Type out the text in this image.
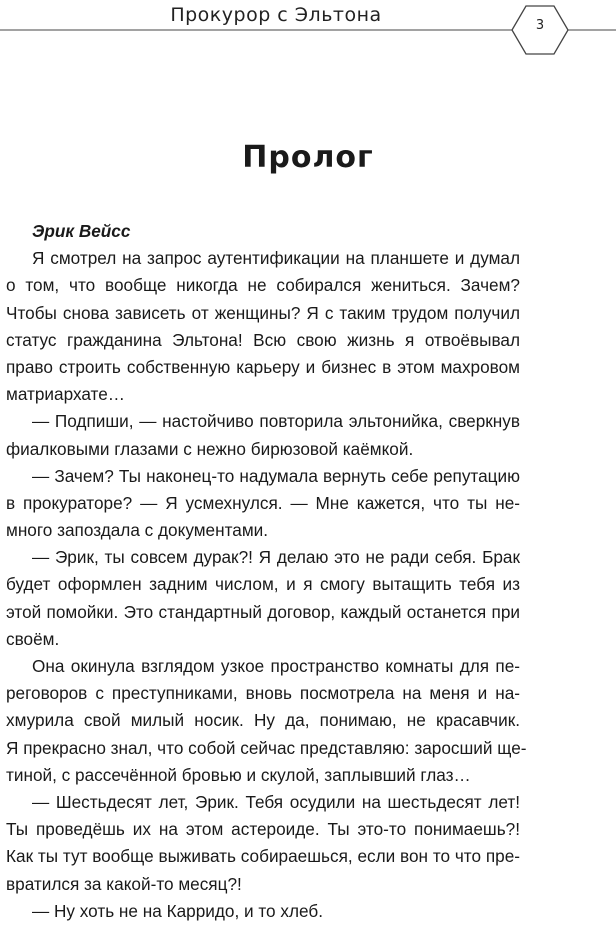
Прокурор с Эльтона	3
Пролог
Эрик Вейсс
Я смотрел на запрос аутентификации на планшете и думал
о том, что вообще никогда не собирался жениться. Зачем?
Чтобы снова зависеть от женщины? Я с таким трудом получил
статус гражданина Эльтона! Всю свою жизнь я отвоёвывал
право строить собственную карьеру и бизнес в этом махровом
матриархате…
— Подпиши, — настойчиво повторила эльтонийка, сверкнув
фиалковыми глазами с нежно бирюзовой каёмкой.
— Зачем? Ты наконец-то надумала вернуть себе репутацию
в прокураторе? — Я усмехнулся. — Мне кажется, что ты не-
много запоздала с документами.
— Эрик, ты совсем дурак?! Я делаю это не ради себя. Брак
будет оформлен задним числом, и я смогу вытащить тебя из
этой помойки. Это стандартный договор, каждый останется при
своём.
Она окинула взглядом узкое пространство комнаты для пе-
реговоров с преступниками, вновь посмотрела на меня и на-
хмурила свой милый носик. Ну да, понимаю, не красавчик.
Я прекрасно знал, что собой сейчас представляю: заросший ще-
тиной, с рассечённой бровью и скулой, заплывший глаз…
— Шестьдесят лет, Эрик. Тебя осудили на шестьдесят лет!
Ты проведёшь их на этом астероиде. Ты это-то понимаешь?!
Как ты тут вообще выживать собираешься, если вон то что пре-
вратился за какой-то месяц?!
— Ну хоть не на Карридо, и то хлеб.
